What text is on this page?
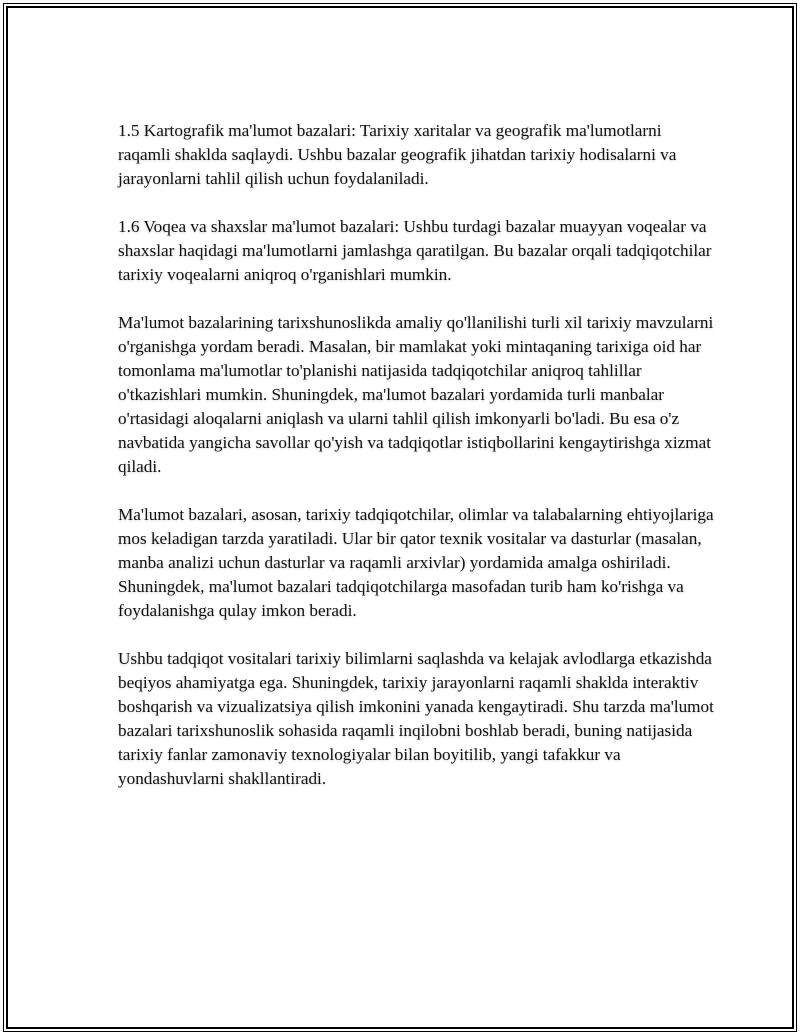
1.5 Kartografik ma'lumot bazalari: Tarixiy xaritalar va geografik ma'lumotlarni raqamli shaklda saqlaydi. Ushbu bazalar geografik jihatdan tarixiy hodisalarni va jarayonlarni tahlil qilish uchun foydalaniladi.

1.6 Voqea va shaxslar ma'lumot bazalari: Ushbu turdagi bazalar muayyan voqealar va shaxslar haqidagi ma'lumotlarni jamlashga qaratilgan. Bu bazalar orqali tadqiqotchilar tarixiy voqealarni aniqroq o'rganishlari mumkin.

Ma'lumot bazalarining tarixshunoslikda amaliy qo'llanilishi turli xil tarixiy mavzularni o'rganishga yordam beradi. Masalan, bir mamlakat yoki mintaqaning tarixiga oid har tomonlama ma'lumotlar to'planishi natijasida tadqiqotchilar aniqroq tahlillar o'tkazishlari mumkin. Shuningdek, ma'lumot bazalari yordamida turli manbalar o'rtasidagi aloqalarni aniqlash va ularni tahlil qilish imkonyarli bo'ladi. Bu esa o'z navbatida yangicha savollar qo'yish va tadqiqotlar istiqbollarini kengaytirishga xizmat qiladi.

Ma'lumot bazalari, asosan, tarixiy tadqiqotchilar, olimlar va talabalarning ehtiyojlariga mos keladigan tarzda yaratiladi. Ular bir qator texnik vositalar va dasturlar (masalan, manba analizi uchun dasturlar va raqamli arxivlar) yordamida amalga oshiriladi. Shuningdek, ma'lumot bazalari tadqiqotchilarga masofadan turib ham ko'rishga va foydalanishga qulay imkon beradi.

Ushbu tadqiqot vositalari tarixiy bilimlarni saqlashda va kelajak avlodlarga etkazishda beqiyos ahamiyatga ega. Shuningdek, tarixiy jarayonlarni raqamli shaklda interaktiv boshqarish va vizualizatsiya qilish imkonini yanada kengaytiradi. Shu tarzda ma'lumot bazalari tarixshunoslik sohasida raqamli inqilobni boshlab beradi, buning natijasida tarixiy fanlar zamonaviy texnologiyalar bilan boyitilib, yangi tafakkur va yondashuvlarni shakllantiradi.
